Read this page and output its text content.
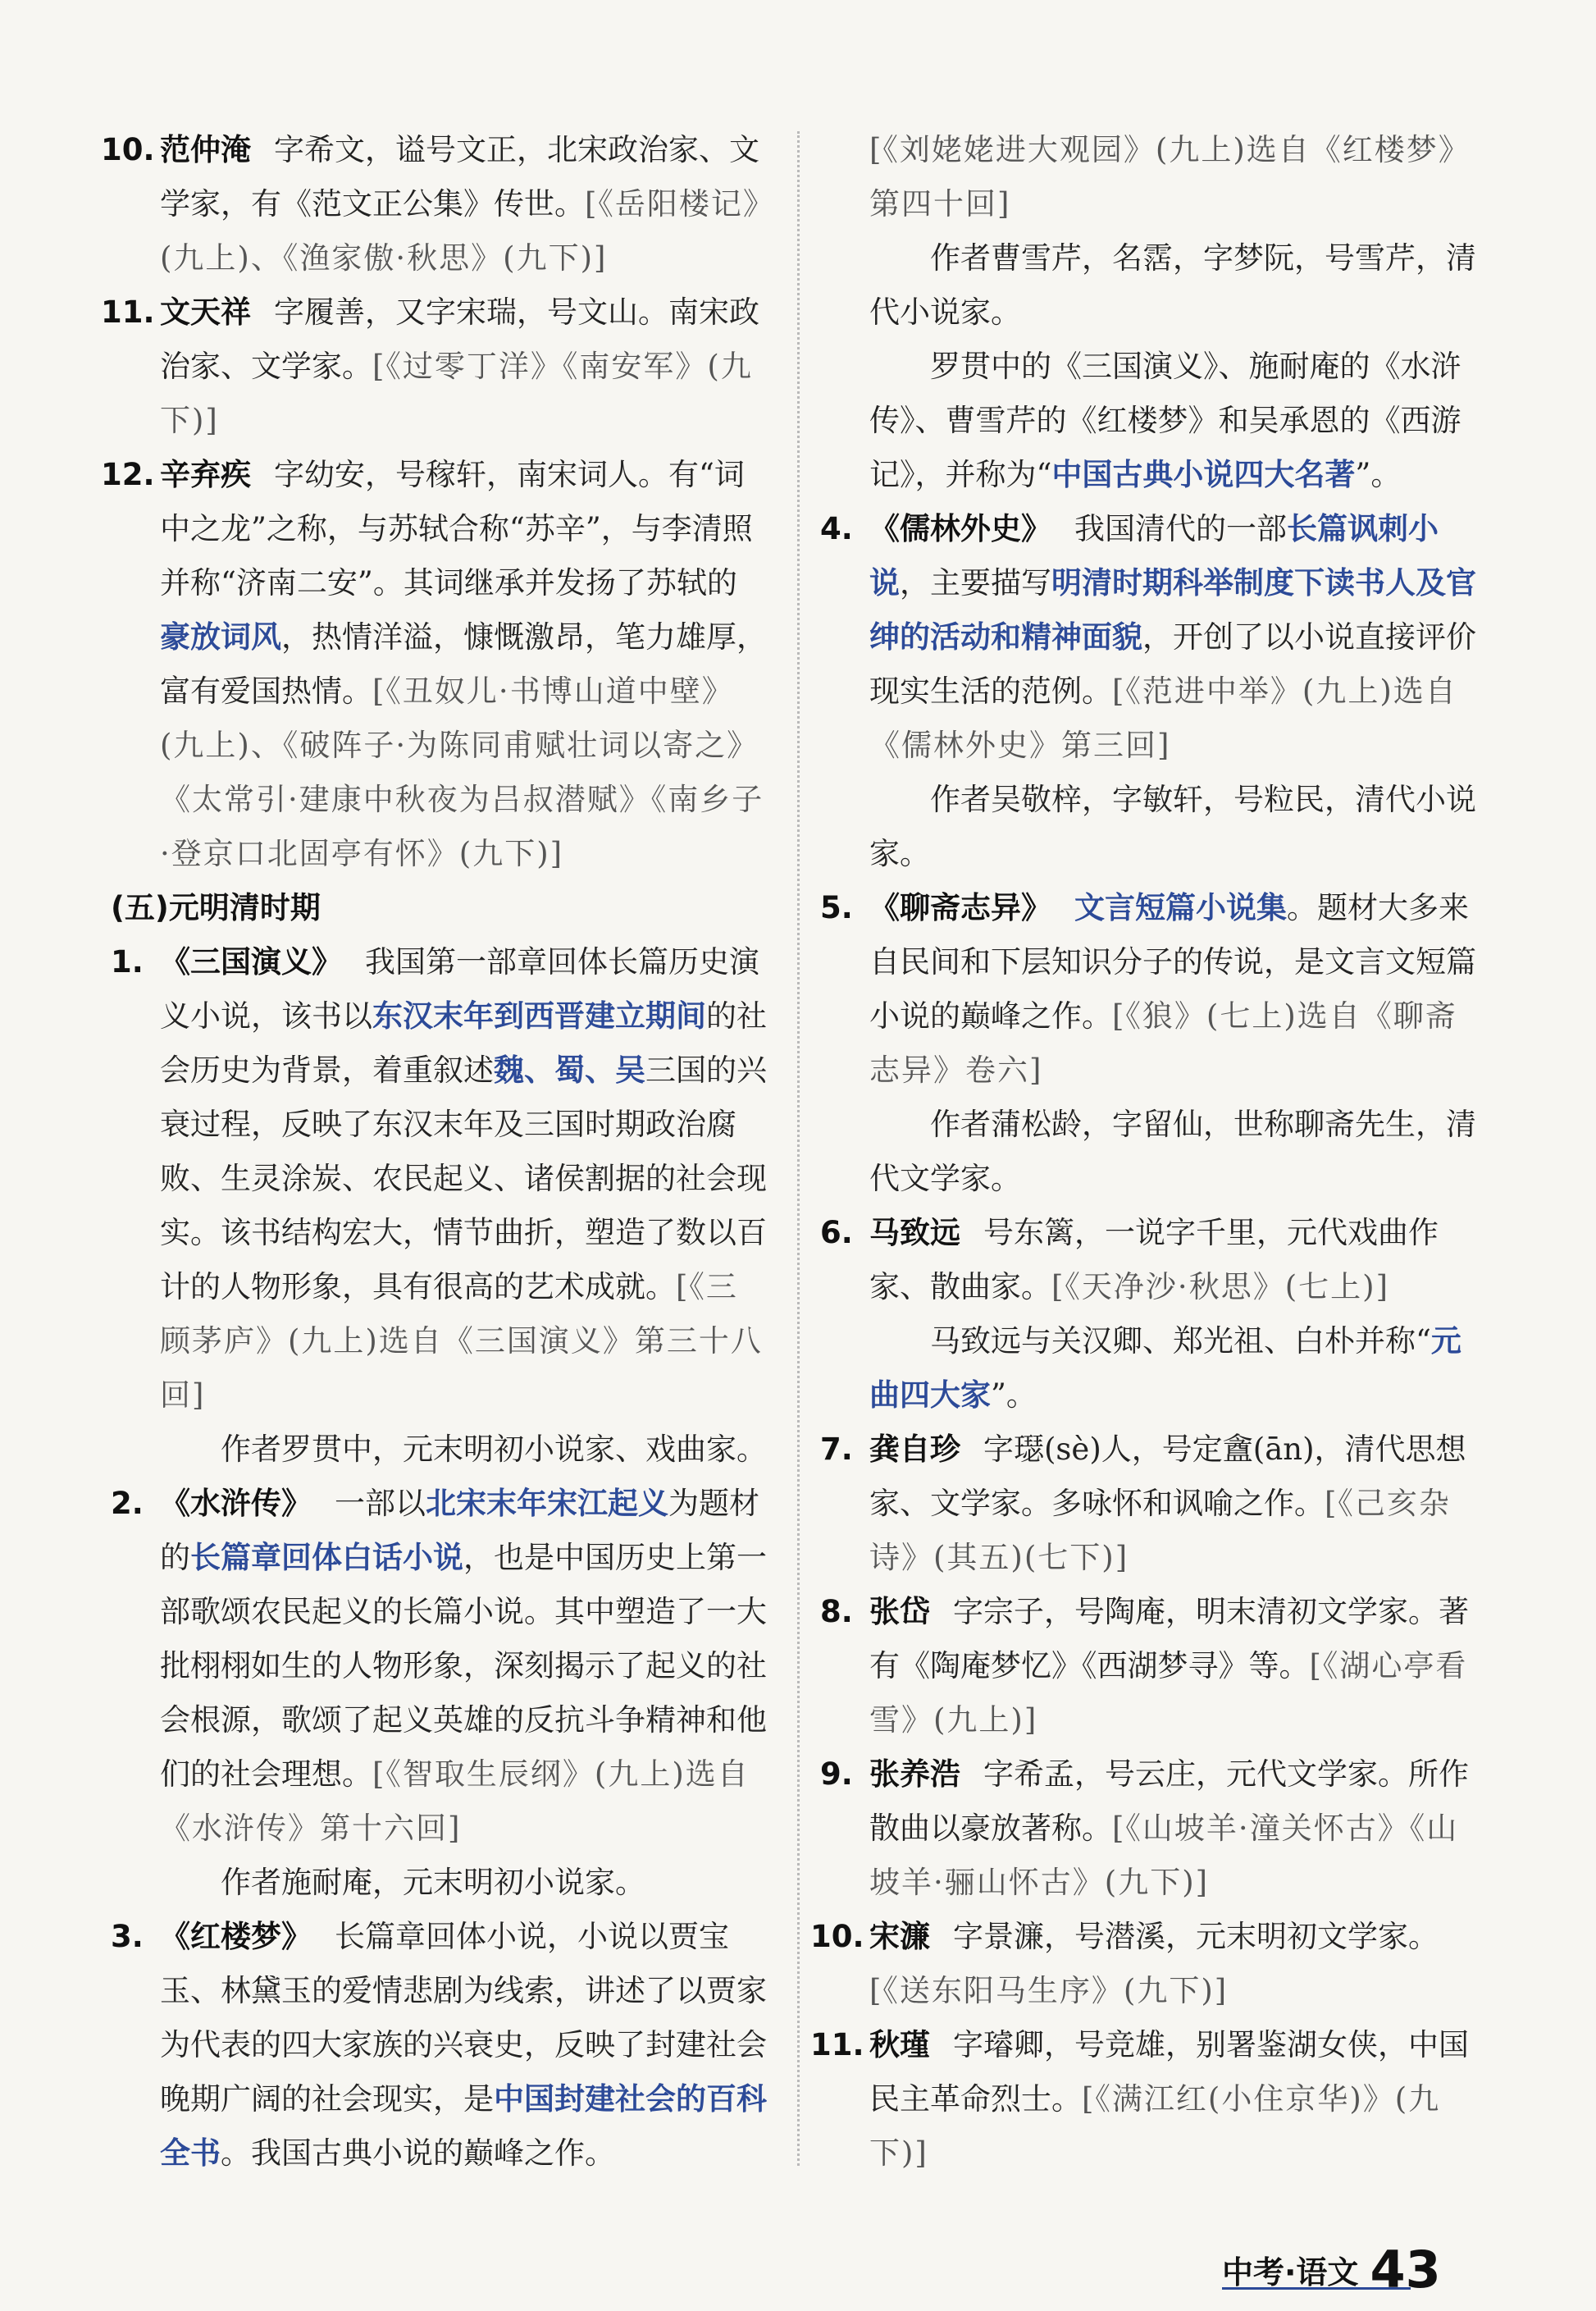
10. 范仲淹 字希文，谥号文正，北宋政治家、文学家，有《范文正公集》传世。[《岳阳楼记》(九上)、《渔家傲·秋思》(九下)]
11. 文天祥 字履善，又字宋瑞，号文山。南宋政治家、文学家。[《过零丁洋》《南安军》(九下)]
12. 辛弃疾 字幼安，号稼轩，南宋词人。有“词中之龙”之称，与苏轼合称“苏辛”，与李清照并称“济南二安”。其词继承并发扬了苏轼的豪放词风，热情洋溢，慷慨激昂，笔力雄厚，富有爱国热情。[《丑奴儿·书博山道中壁》(九上)、《破阵子·为陈同甫赋壮词以寄之》《太常引·建康中秋夜为吕叔潜赋》《南乡子·登京口北固亭有怀》(九下)]
(五)元明清时期
1. 《三国演义》 我国第一部章回体长篇历史演义小说，该书以东汉末年到西晋建立期间的社会历史为背景，着重叙述魏、蜀、吴三国的兴衰过程，反映了东汉末年及三国时期政治腐败、生灵涂炭、农民起义、诸侯割据的社会现实。该书结构宏大，情节曲折，塑造了数以百计的人物形象，具有很高的艺术成就。[《三顾茅庐》(九上)选自《三国演义》第三十八回]
作者罗贯中，元末明初小说家、戏曲家。
2. 《水浒传》 一部以北宋末年宋江起义为题材的长篇章回体白话小说，也是中国历史上第一部歌颂农民起义的长篇小说。其中塑造了一大批栩栩如生的人物形象，深刻揭示了起义的社会根源，歌颂了起义英雄的反抗斗争精神和他们的社会理想。[《智取生辰纲》(九上)选自《水浒传》第十六回]
作者施耐庵，元末明初小说家。
3. 《红楼梦》 长篇章回体小说，小说以贾宝玉、林黛玉的爱情悲剧为线索，讲述了以贾家为代表的四大家族的兴衰史，反映了封建社会晚期广阔的社会现实，是中国封建社会的百科全书。我国古典小说的巅峰之作。
[《刘姥姥进大观园》(九上)选自《红楼梦》第四十回]
作者曹雪芹，名霑，字梦阮，号雪芹，清代小说家。
罗贯中的《三国演义》、施耐庵的《水浒传》、曹雪芹的《红楼梦》和吴承恩的《西游记》，并称为“中国古典小说四大名著”。
4. 《儒林外史》 我国清代的一部长篇讽刺小说，主要描写明清时期科举制度下读书人及官绅的活动和精神面貌，开创了以小说直接评价现实生活的范例。[《范进中举》(九上)选自《儒林外史》第三回]
作者吴敬梓，字敏轩，号粒民，清代小说家。
5. 《聊斋志异》 文言短篇小说集。题材大多来自民间和下层知识分子的传说，是文言文短篇小说的巅峰之作。[《狼》(七上)选自《聊斋志异》卷六]
作者蒲松龄，字留仙，世称聊斋先生，清代文学家。
6. 马致远 号东篱，一说字千里，元代戏曲作家、散曲家。[《天净沙·秋思》(七上)]
马致远与关汉卿、郑光祖、白朴并称“元曲四大家”。
7. 龚自珍 字璱(sè)人，号定盦(ān)，清代思想家、文学家。多咏怀和讽喻之作。[《己亥杂诗》(其五)(七下)]
8. 张岱 字宗子，号陶庵，明末清初文学家。著有《陶庵梦忆》《西湖梦寻》等。[《湖心亭看雪》(九上)]
9. 张养浩 字希孟，号云庄，元代文学家。所作散曲以豪放著称。[《山坡羊·潼关怀古》《山坡羊·骊山怀古》(九下)]
10. 宋濂 字景濂，号潜溪，元末明初文学家。[《送东阳马生序》(九下)]
11. 秋瑾 字璿卿，号竞雄，别署鉴湖女侠，中国民主革命烈士。[《满江红(小住京华)》(九下)]
中考·语文 43
